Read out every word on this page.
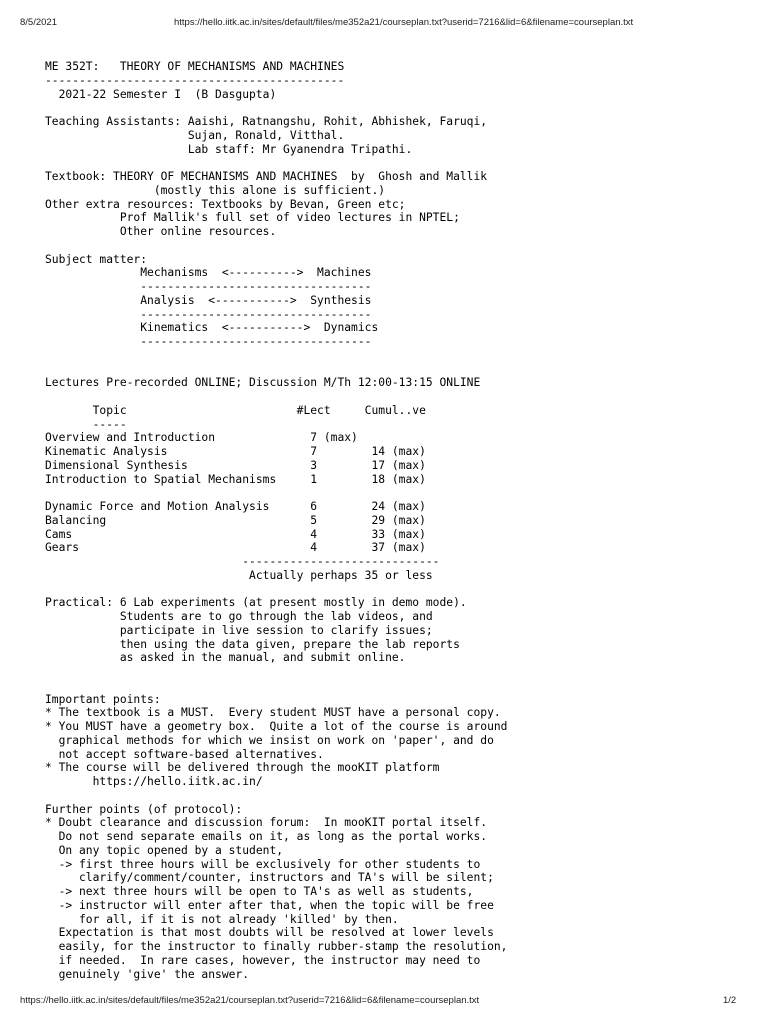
8/5/2021	https://hello.iitk.ac.in/sites/default/files/me352a21/courseplan.txt?userid=7216&lid=6&filename=courseplan.txt
ME 352T:   THEORY OF MECHANISMS AND MACHINES
--------------------------------------------
2021-22 Semester I  (B Dasgupta)

Teaching Assistants: Aaishi, Ratnangshu, Rohit, Abhishek, Faruqi,
Sujan, Ronald, Vitthal.
Lab staff: Mr Gyanendra Tripathi.

Textbook: THEORY OF MECHANISMS AND MACHINES  by  Ghosh and Mallik
(mostly this alone is sufficient.)
Other extra resources: Textbooks by Bevan, Green etc;
Prof Mallik's full set of video lectures in NPTEL;
Other online resources.

Subject matter:
Mechanisms  <---------->  Machines
----------------------------------
Analysis  <----------->  Synthesis
----------------------------------
Kinematics  <----------->  Dynamics
----------------------------------

Lectures Pre-recorded ONLINE; Discussion M/Th 12:00-13:15 ONLINE

Topic                         #Lect     Cumul..ve
-----
Overview and Introduction              7 (max)
Kinematic Analysis                     7        14 (max)
Dimensional Synthesis                  3        17 (max)
Introduction to Spatial Mechanisms     1        18 (max)

Dynamic Force and Motion Analysis      6        24 (max)
Balancing                              5        29 (max)
Cams                                   4        33 (max)
Gears                                  4        37 (max)
-----------------------------
Actually perhaps 35 or less

Practical: 6 Lab experiments (at present mostly in demo mode).
Students are to go through the lab videos, and
participate in live session to clarify issues;
then using the data given, prepare the lab reports
as asked in the manual, and submit online.

Important points:
* The textbook is a MUST.  Every student MUST have a personal copy.
* You MUST have a geometry box.  Quite a lot of the course is around
graphical methods for which we insist on work on 'paper', and do
not accept software-based alternatives.
* The course will be delivered through the mooKIT platform
https://hello.iitk.ac.in/

Further points (of protocol):
* Doubt clearance and discussion forum:  In mooKIT portal itself.
Do not send separate emails on it, as long as the portal works.
On any topic opened by a student,
-> first three hours will be exclusively for other students to
clarify/comment/counter, instructors and TA's will be silent;
-> next three hours will be open to TA's as well as students,
-> instructor will enter after that, when the topic will be free
for all, if it is not already 'killed' by then.
Expectation is that most doubts will be resolved at lower levels
easily, for the instructor to finally rubber-stamp the resolution,
if needed.  In rare cases, however, the instructor may need to
genuinely 'give' the answer.
https://hello.iitk.ac.in/sites/default/files/me352a21/courseplan.txt?userid=7216&lid=6&filename=courseplan.txt	1/2
